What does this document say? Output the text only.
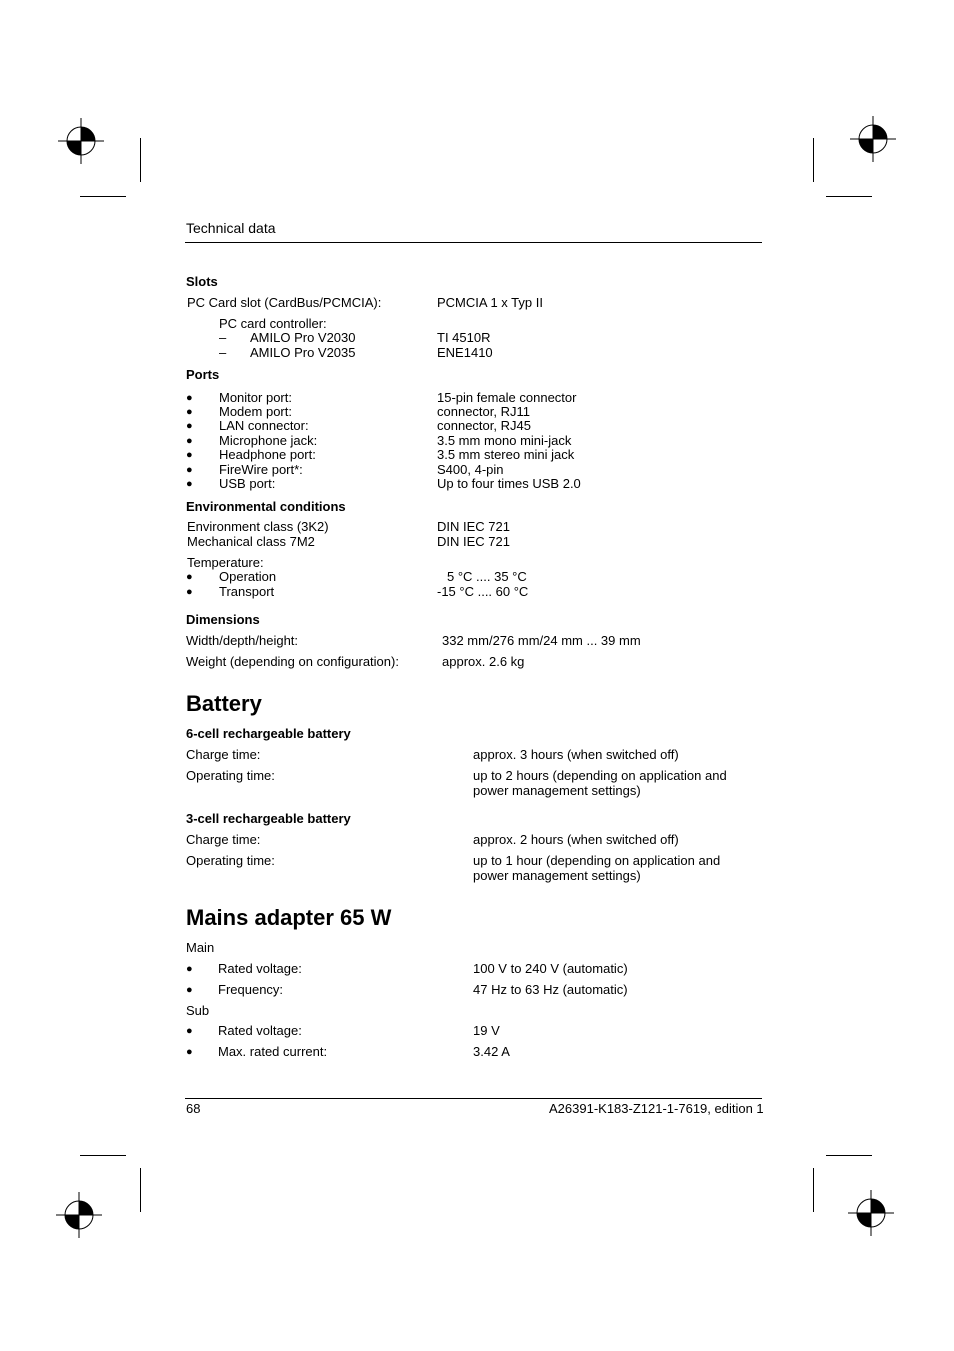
Technical data
Slots
PC Card slot (CardBus/PCMCIA):	PCMCIA 1 x Typ II
PC card controller:
– AMILO Pro V2030	TI 4510R
– AMILO Pro V2035	ENE1410
Ports
● Monitor port:	15-pin female connector
● Modem port:	connector, RJ11
● LAN connector:	connector, RJ45
● Microphone jack:	3.5 mm mono mini-jack
● Headphone port:	3.5 mm stereo mini jack
● FireWire port*:	S400, 4-pin
● USB port:	Up to four times USB 2.0
Environmental conditions
Environment class (3K2)	DIN IEC 721
Mechanical class 7M2	DIN IEC 721
Temperature:
● Operation	5 °C .... 35 °C
● Transport	-15 °C .... 60 °C
Dimensions
Width/depth/height:	332 mm/276 mm/24 mm ... 39 mm
Weight (depending on configuration):	approx. 2.6 kg
Battery
6-cell rechargeable battery
Charge time:	approx. 3 hours (when switched off)
Operating time:	up to 2 hours (depending on application and
power management settings)
3-cell rechargeable battery
Charge time:	approx. 2 hours (when switched off)
Operating time:	up to 1 hour (depending on application and
power management settings)
Mains adapter 65 W
Main
● Rated voltage:	100 V to 240 V (automatic)
● Frequency:	47 Hz to 63 Hz (automatic)
Sub
● Rated voltage:	19 V
● Max. rated current:	3.42 A
68	A26391-K183-Z121-1-7619, edition 1
